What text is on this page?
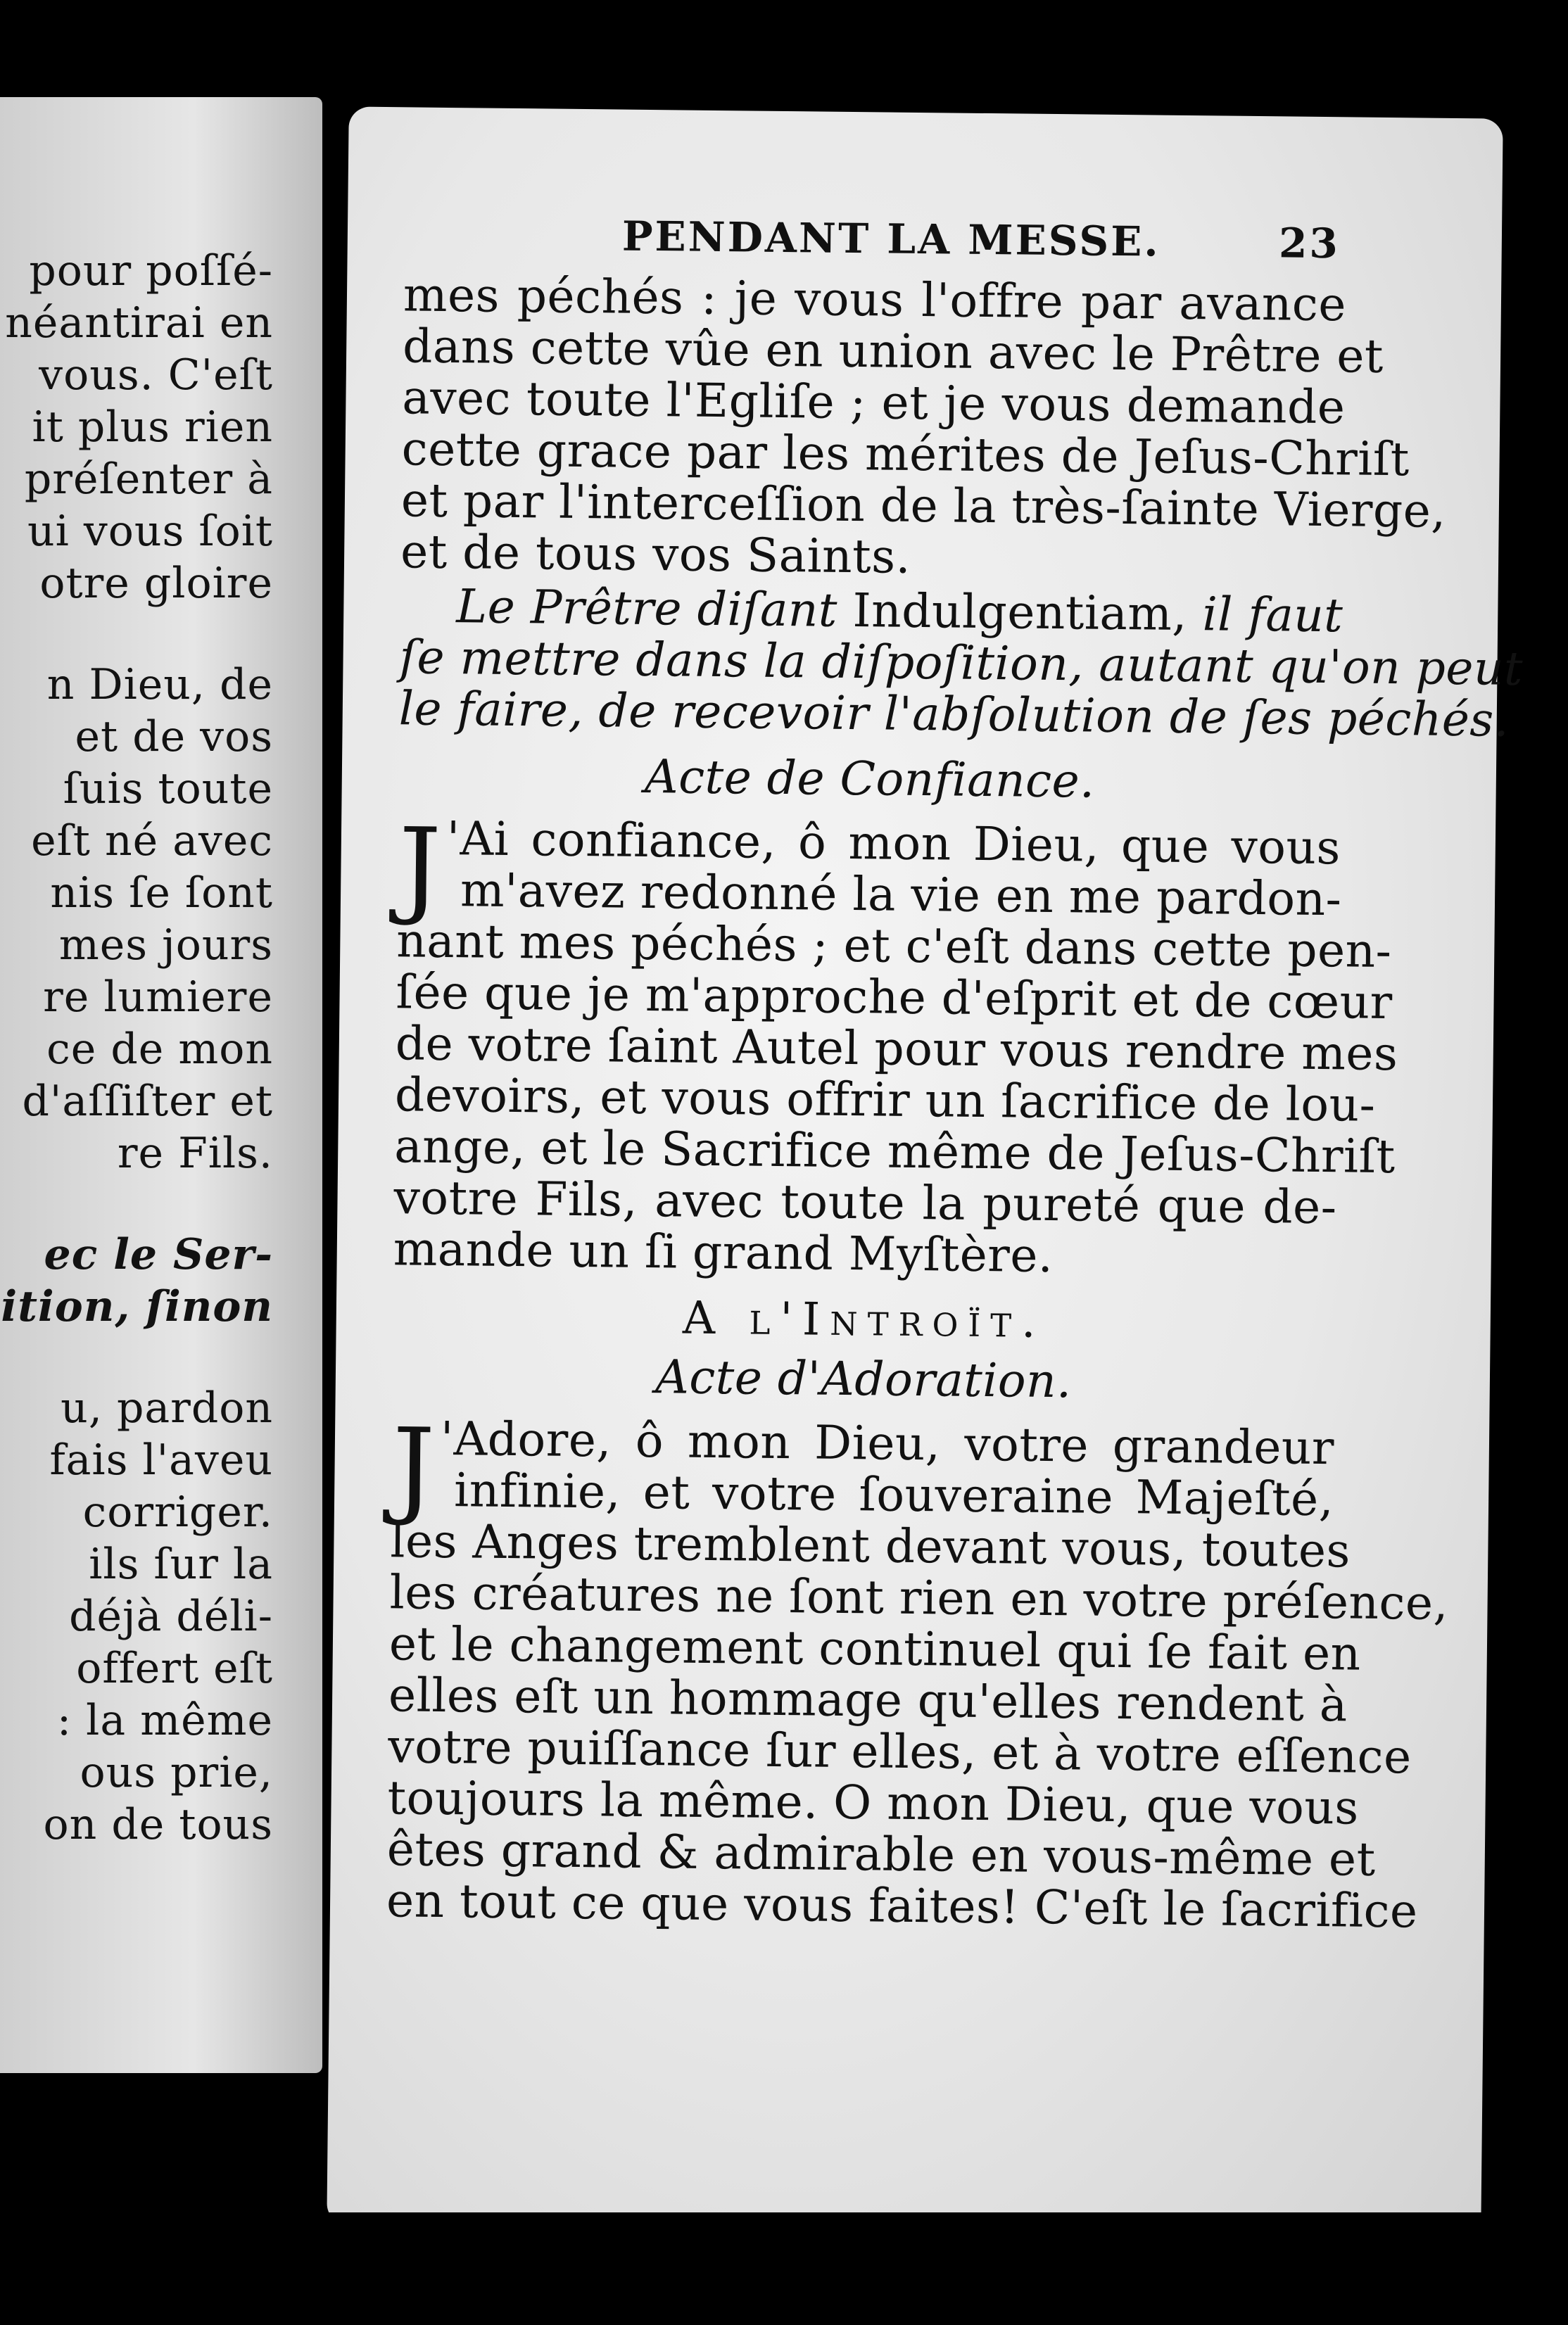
pour poſſé-
néantirai en
vous. C'eſt
it plus rien
préſenter à
ui vous ſoit
otre gloire
n Dieu, de
et de vos
ſuis toute
eſt né avec
nis ſe ſont
mes jours
re lumiere
ce de mon
d'aſſiſter et
re Fils.
ec le Ser-
ition, ſinon
u, pardon
fais l'aveu
corriger.
ils ſur la
déjà déli-
offert eſt
: la même
ous prie,
on de tous
PENDANT LA MESSE.	23
mes péchés : je vous l'offre par avance
dans cette vûe en union avec le Prêtre et
avec toute l'Egliſe ; et je vous demande
cette grace par les mérites de Jeſus-Chriſt
et par l'interceſſion de la très-ſainte Vierge,
et de tous vos Saints.
Le Prêtre diſant Indulgentiam, il faut
ſe mettre dans la diſpoſition, autant qu'on peut
le faire, de recevoir l'abſolution de ſes péchés.
Acte de Confiance.
J 'Ai confiance, ô mon Dieu, que vous
m'avez redonné la vie en me pardon-
nant mes péchés ; et c'eſt dans cette pen-
ſée que je m'approche d'eſprit et de cœur
de votre ſaint Autel pour vous rendre mes
devoirs, et vous offrir un ſacrifice de lou-
ange, et le Sacrifice même de Jeſus-Chriſt
votre Fils, avec toute la pureté que de-
mande un ſi grand Myſtère.
A l'Introït.
Acte d'Adoration.
J 'Adore, ô mon Dieu, votre grandeur
infinie, et votre ſouveraine Majeſté,
les Anges tremblent devant vous, toutes
les créatures ne ſont rien en votre préſence,
et le changement continuel qui ſe fait en
elles eſt un hommage qu'elles rendent à
votre puiſſance ſur elles, et à votre eſſence
toujours la même. O mon Dieu, que vous
êtes grand & admirable en vous-même et
en tout ce que vous faites! C'eſt le ſacrifice
